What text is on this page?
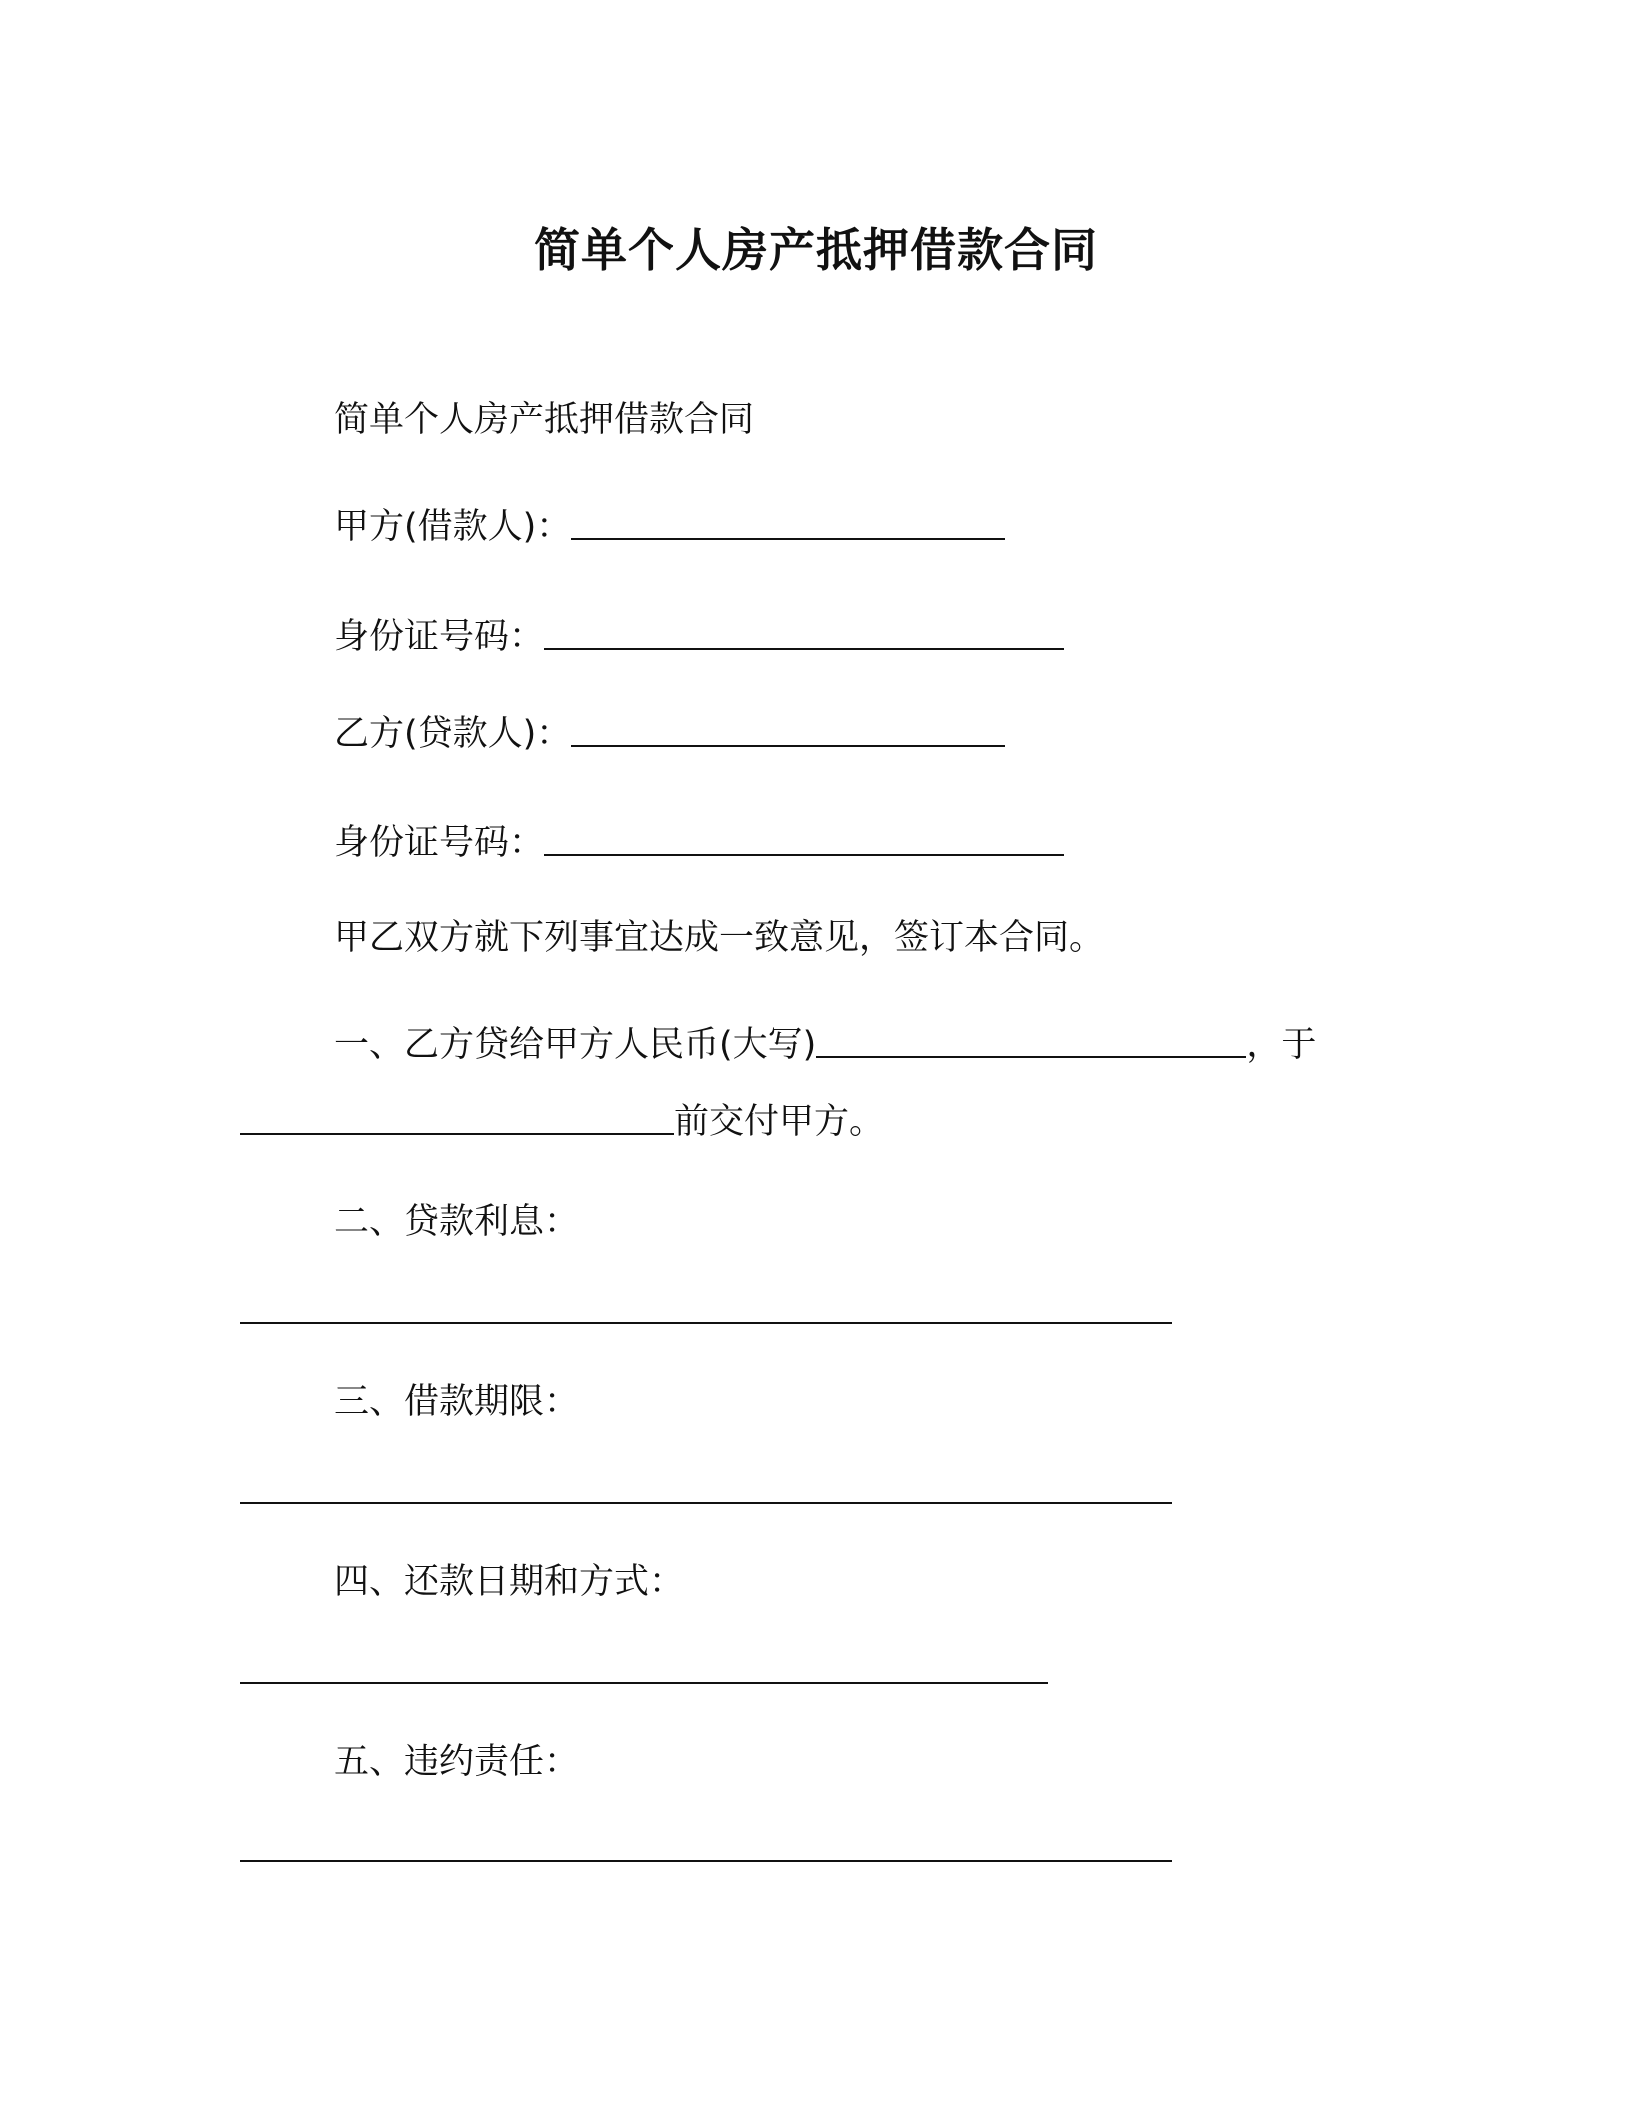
简单个人房产抵押借款合同
简单个人房产抵押借款合同
甲方(借款人)：
身份证号码：
乙方(贷款人)：
身份证号码：
甲乙双方就下列事宜达成一致意见，签订本合同。
一、乙方贷给甲方人民币(大写)	，于
前交付甲方。
二、贷款利息：
三、借款期限：
四、还款日期和方式：
五、违约责任：
